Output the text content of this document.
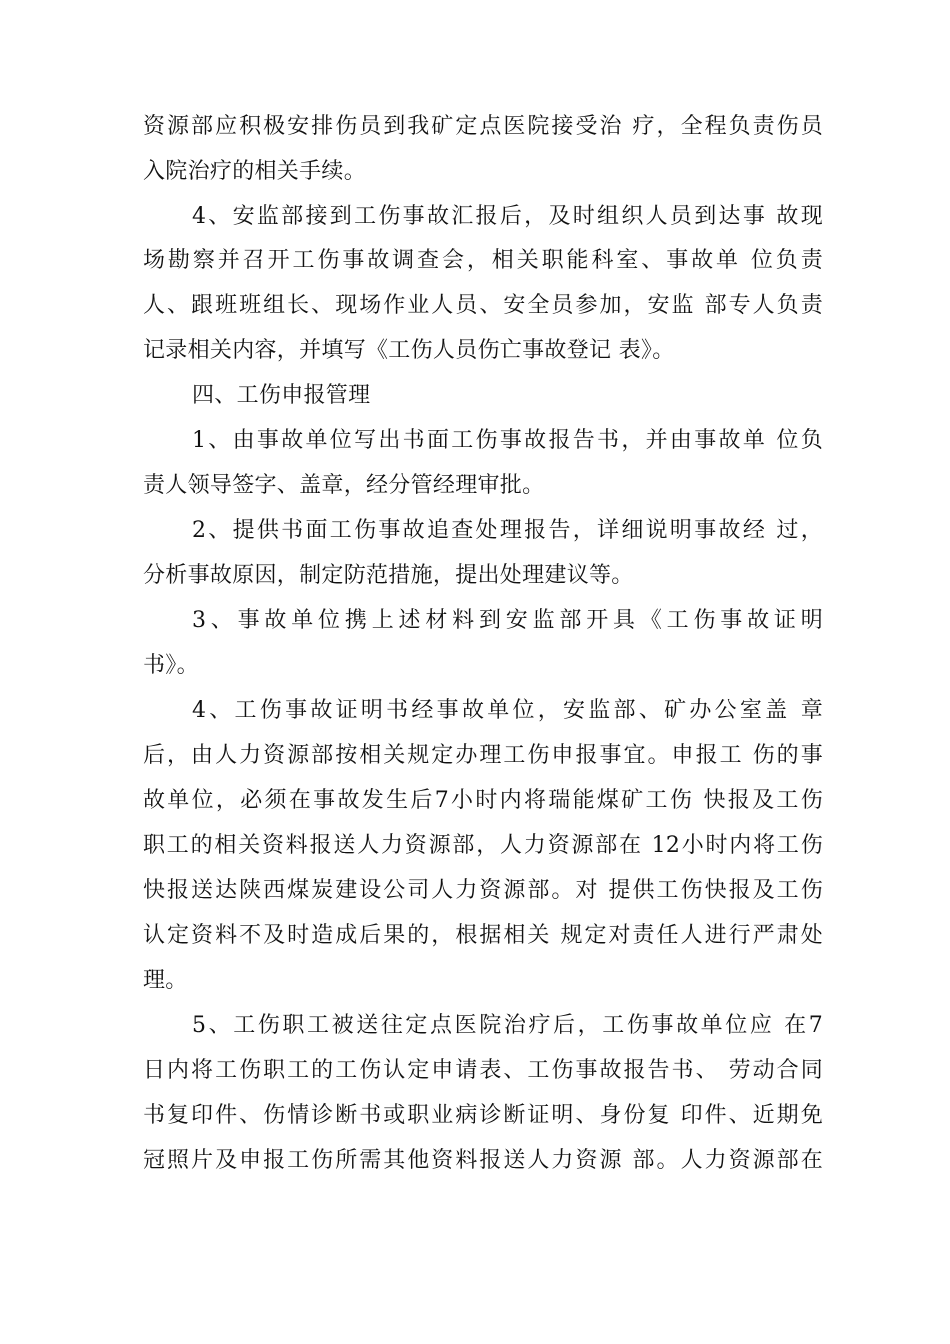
资源部应积极安排伤员到我矿定点医院接受治 疗，全程负责伤员
入院治疗的相关手续。
4、安监部接到工伤事故汇报后，及时组织人员到达事 故现
场勘察并召开工伤事故调查会，相关职能科室、事故单 位负责
人、跟班班组长、现场作业人员、安全员参加，安监 部专人负责
记录相关内容，并填写《工伤人员伤亡事故登记 表》。
四、工伤申报管理
1、由事故单位写出书面工伤事故报告书，并由事故单 位负
责人领导签字、盖章，经分管经理审批。
2、提供书面工伤事故追查处理报告，详细说明事故经 过，
分析事故原因，制定防范措施，提出处理建议等。
3、事故单位携上述材料到安监部开具《工伤事故证明
书》。
4、工伤事故证明书经事故单位，安监部、矿办公室盖 章
后，由人力资源部按相关规定办理工伤申报事宜。申报工 伤的事
故单位，必须在事故发生后7小时内将瑞能煤矿工伤 快报及工伤
职工的相关资料报送人力资源部，人力资源部在 12小时内将工伤
快报送达陕西煤炭建设公司人力资源部。对 提供工伤快报及工伤
认定资料不及时造成后果的，根据相关 规定对责任人进行严肃处
理。
5、工伤职工被送往定点医院治疗后，工伤事故单位应 在7
日内将工伤职工的工伤认定申请表、工伤事故报告书、 劳动合同
书复印件、伤情诊断书或职业病诊断证明、身份复 印件、近期免
冠照片及申报工伤所需其他资料报送人力资源 部。人力资源部在
